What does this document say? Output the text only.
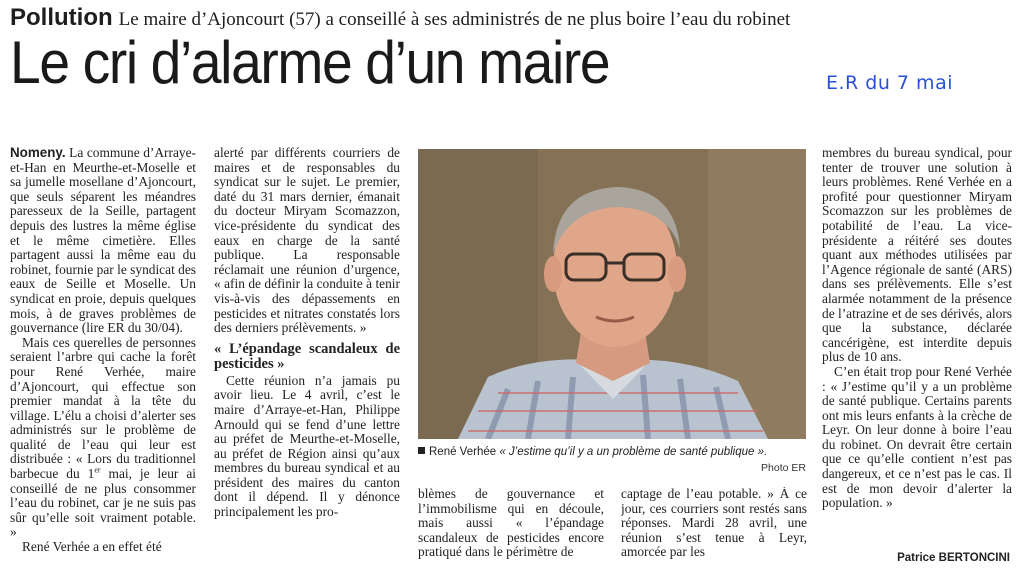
Pollution Le maire d’Ajoncourt (57) a conseillé à ses administrés de ne plus boire l’eau du robinet
Le cri d’alarme d’un maire	E.R du 7 mai

Nomeny. La commune d’Arraye-et-Han en Meurthe-et-Moselle et sa jumelle mosellane d’Ajoncourt, que seuls séparent les méandres paresseux de la Seille, partagent depuis des lustres la même église et le même cimetière. Elles partagent aussi la même eau du robinet, fournie par le syndicat des eaux de Seille et Moselle. Un syndicat en proie, depuis quelques mois, à de graves problèmes de gouvernance (lire ER du 30/04).

Mais ces querelles de personnes seraient l’arbre qui cache la forêt pour René Verhée, maire d’Ajoncourt, qui effectue son premier mandat à la tête du village. L’élu a choisi d’alerter ses administrés sur le problème de qualité de l’eau qui leur est distribuée : « Lors du traditionnel barbecue du 1er mai, je leur ai conseillé de ne plus consommer l’eau du robinet, car je ne suis pas sûr qu’elle soit vraiment potable. »

René Verhée a en effet été

alerté par différents courriers de maires et de responsables du syndicat sur le sujet. Le premier, daté du 31 mars dernier, émanait du docteur Miryam Scomazzon, vice-présidente du syndicat des eaux en charge de la santé publique. La responsable réclamait une réunion d’urgence, « afin de définir la conduite à tenir vis-à-vis des dépassements en pesticides et nitrates constatés lors des derniers prélèvements. »

« L’épandage scandaleux de pesticides »

Cette réunion n’a jamais pu avoir lieu. Le 4 avril, c’est le maire d’Arraye-et-Han, Philippe Arnould qui se fend d’une lettre au préfet de Meurthe-et-Moselle, au préfet de Région ainsi qu’aux membres du bureau syndical et au président des maires du canton dont il dépend. Il y dénonce principalement les pro-

René Verhée « J’estime qu’il y a un problème de santé publique ».
Photo ER

blèmes de gouvernance et l’immobilisme qui en découle, mais aussi « l’épandage scandaleux de pesticides encore pratiqué dans le périmètre de

captage de l’eau potable. » À ce jour, ces courriers sont restés sans réponses. Mardi 28 avril, une réunion s’est tenue à Leyr, amorcée par les

membres du bureau syndical, pour tenter de trouver une solution à leurs problèmes. René Verhée en a profité pour questionner Miryam Scomazzon sur les problèmes de potabilité de l’eau. La vice-présidente a réitéré ses doutes quant aux méthodes utilisées par l’Agence régionale de santé (ARS) dans ses prélèvements. Elle s’est alarmée notamment de la présence de l’atrazine et de ses dérivés, alors que la substance, déclarée cancérigène, est interdite depuis plus de 10 ans.

C’en était trop pour René Verhée : « J’estime qu’il y a un problème de santé publique. Certains parents ont mis leurs enfants à la crèche de Leyr. On leur donne à boire l’eau du robinet. On devrait être certain que ce qu’elle contient n’est pas dangereux, et ce n’est pas le cas. Il est de mon devoir d’alerter la population. »

Patrice BERTONCINI
